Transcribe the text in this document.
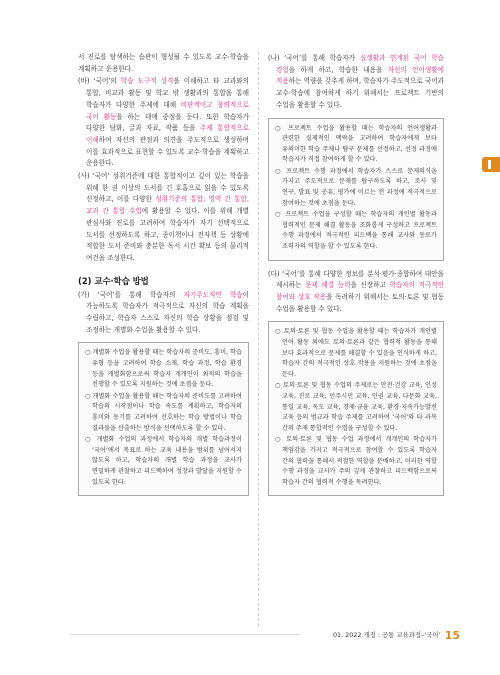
서 진로를 탐색하는 습관이 형성될 수 있도록 교수‧학습을 계획하고 운용한다.

(바) ‘국어’의 학습 도구적 성격을 이해하고 타 교과와의 통합, 비교과 활동 및 학교 밖 생활과의 통합을 통해 학습자가 다양한 주제에 대해 비판적이고 창의적으로 국어 활동을 하는 데에 중점을 둔다. 또한 학습자가 다양한 담화, 글과 자료, 작품 등을 주제 통합적으로 이해하여 자신의 관점과 의견을 주도적으로 생성하며 이를 효과적으로 표현할 수 있도록 교수‧학습을 계획하고 운용한다.

(사) ‘국어’ 성취기준에 대한 통합적이고 깊이 있는 학습을 위해 한 권 이상의 도서를 긴 호흡으로 읽을 수 있도록 선정하고, 이를 다양한 성취기준의 통합, 영역 간 통합, 교과 간 통합 수업에 활용할 수 있다. 이를 위해 개별 관심사와 진로를 고려하여 학습자가 자기 선택적으로 도서를 선정하도록 하고, 종이책이나 전자책 등 상황에 적합한 도서 준비와 충분한 독서 시간 확보 등의 물리적 여건을 조성한다.

(2) 교수‧학습 방법

(가) ‘국어’를 통해 학습자의 자기주도적인 학습이 가능하도록 학습자가 적극적으로 자신의 학습 계획을 수립하고, 학습자 스스로 자신의 학습 상황을 점검 및 조정하는 개별화 수업을 활용할 수 있다.

○ 개별화 수업을 활용할 때는 학습자의 준비도, 흥미, 학습 유형 등을 고려하여 학습 소재, 학습 과정, 학습 환경 등을 개별화함으로써 학습자 개개인이 최적의 학습을 진행할 수 있도록 지원하는 것에 초점을 둔다.

○ 개별화 수업을 활용할 때는 학습자의 준비도를 고려하여 학습의 시작점이나 학습 속도를 계획하고, 학습자의 흥미와 동기를 고려하여 선호하는 학습 방법이나 학습 결과물을 산출하는 방식을 선택하도록 할 수 있다.

○ 개별화 수업의 과정에서 학습자의 개별 학습과정이 ‘국어’에서 목표로 하는 교육 내용을 범위를 넘어서지 않도록 하고, 학습자의 개별 학습 과정을 교사가 면밀하게 관찰하고 피드백하여 성장과 발달을 지원할 수 있도록 한다.

(나) ‘국어’를 통해 학습자가 실생활과 연계된 국어 학습 경험을 하게 하고, 학습한 내용을 자신의 언어생활에 적용하는 역량을 갖추게 하며, 학습자가 주도적으로 국어과 교수‧학습에 참여하게 하기 위해서는 프로젝트 기반의 수업을 활용할 수 있다.

○ 프로젝트 수업을 활용할 때는 학습자의 언어생활과 관련한 실제적인 맥락을 고려하여 학습자에게 보다 유의미한 학습 주제나 탐구 문제를 선정하고, 선정 과정에 학습자가 직접 참여하게 할 수 있다.

○ 프로젝트 수행 과정에서 학습자가 스스로 문제의식을 가지고 주도적으로 문제를 탐구하도록 하고, 조사 및 연구, 발표 및 공유, 평가에 이르는 전 과정에 적극적으로 참여하는 것에 초점을 둔다.

○ 프로젝트 수업을 구성할 때는 학습자의 개인별 활동과 협력적인 문제 해결 활동을 조화롭게 구성하고 프로젝트 수행 과정에서 적극적인 피드백을 통해 교사와 동료가 조력자의 역할을 할 수 있도록 한다.

(다) ‘국어’를 통해 다양한 정보를 분석‧평가‧종합하여 대안을 제시하는 문제 해결 능력을 신장하고 학습자의 적극적인 참여와 상호 작용을 독려하기 위해서는 토의‧토론 및 협동 수업을 활용할 수 있다.

○ 토의‧토론 및 협동 수업을 활용할 때는 학습자가 개인별 언어 활동 외에도 토의‧토론과 같은 협력적 활동을 통해 보다 효과적으로 문제를 해결할 수 있음을 인식하게 하고, 학습자 간의 적극적인 상호 작용을 지원하는 것에 초점을 둔다.

○ 토의‧토론 및 협동 수업의 주제로는 안전‧건강 교육, 인성 교육, 진로 교육, 민주시민 교육, 인권 교육, 다문화 교육, 통일 교육, 독도 교육, 경제‧금융 교육, 환경‧지속가능발전 교육 등의 범교과 학습 주제를 고려하여 ‘국어’와 타 과목 간의 주제 통합적인 수업을 구성할 수 있다.

○ 토의‧토론 및 협동 수업 과정에서 개개인의 학습자가 책임감을 가지고 적극적으로 참여할 수 있도록 학습자 간의 협력을 통해서 적절한 역할을 분배하고, 이러한 역할 수행 과정을 교사가 주의 깊게 관찰하고 피드백함으로써 학습자 간의 협력적 수행을 독려한다.

01. 2022 개정 : 공통 교육과정–‘국어’ 15
